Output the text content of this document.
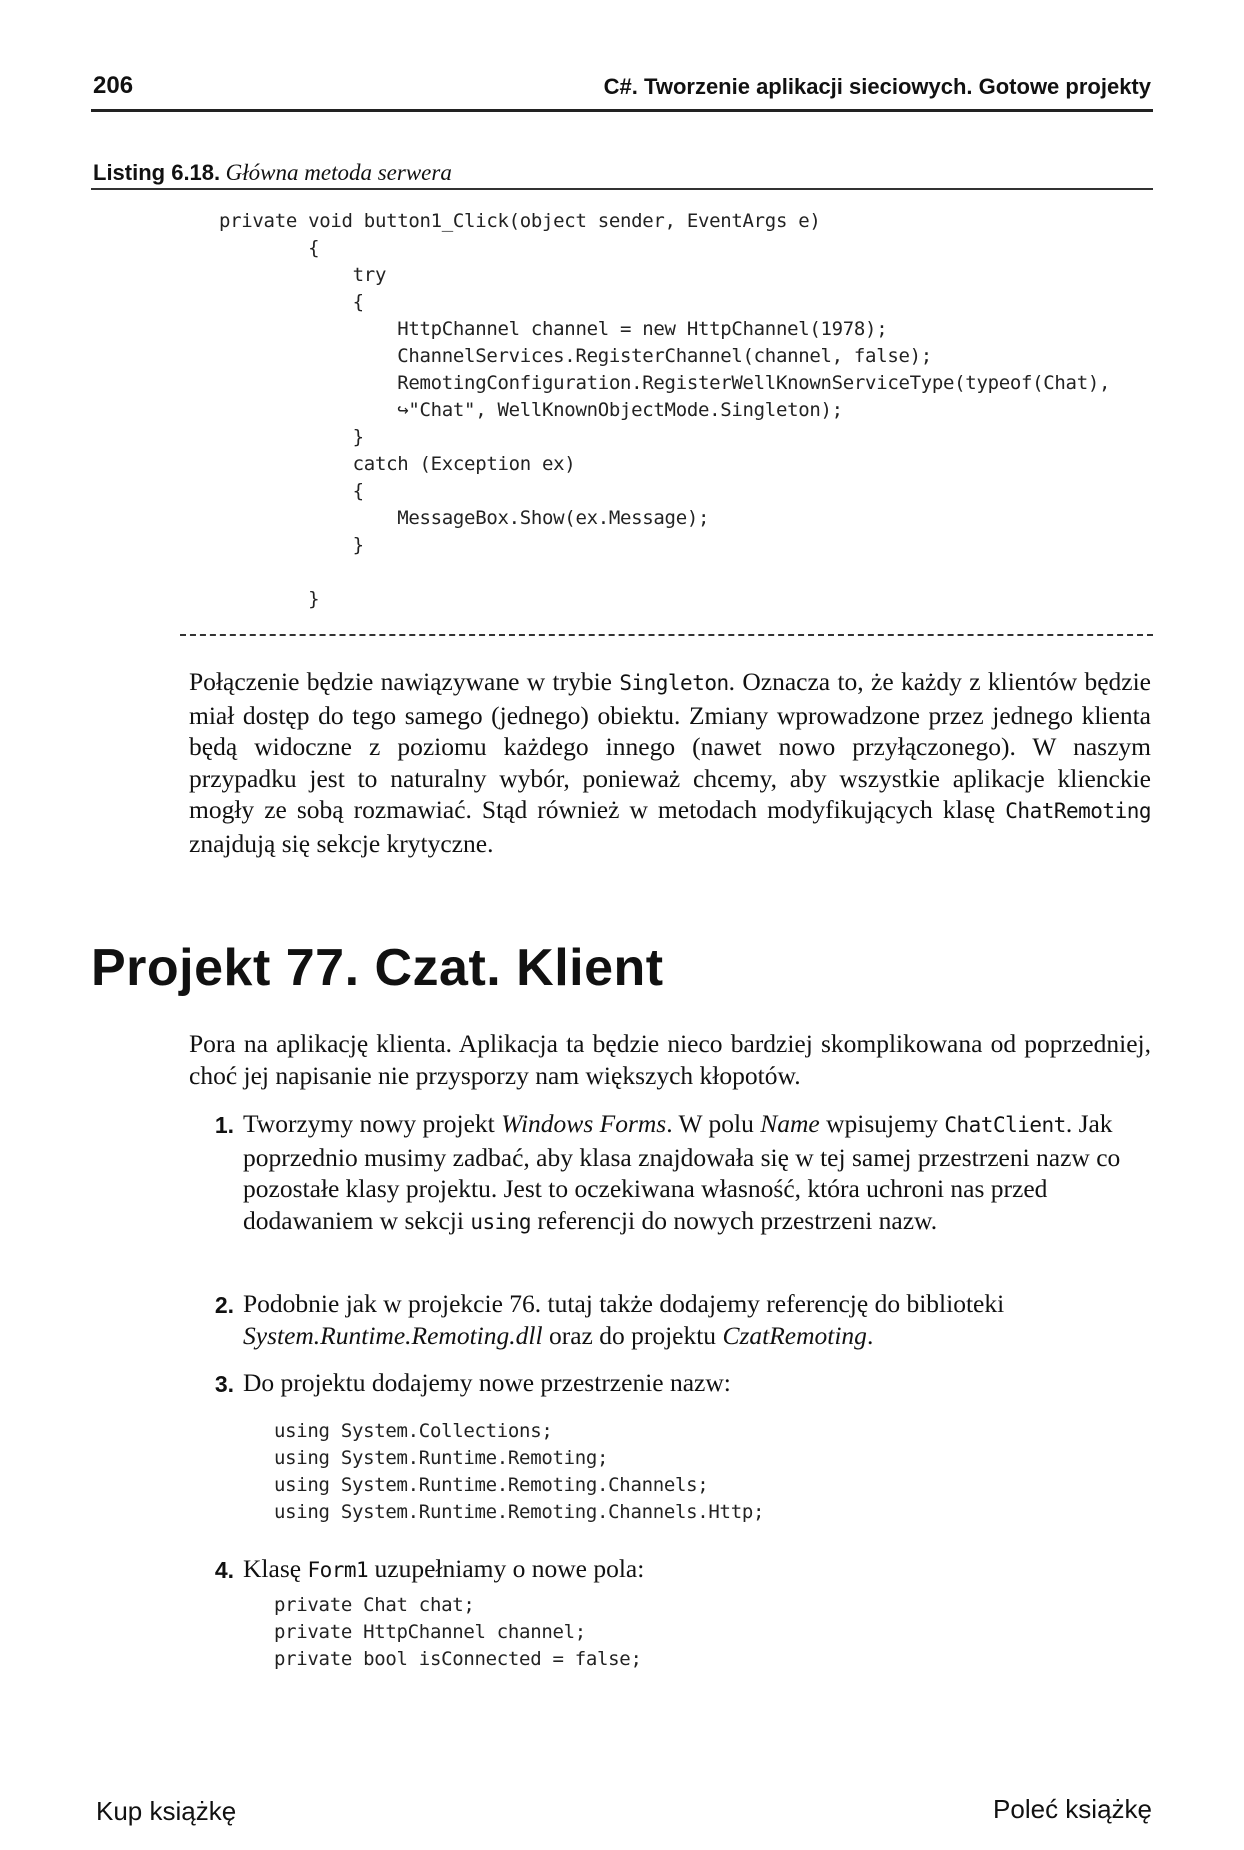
206	C#. Tworzenie aplikacji sieciowych. Gotowe projekty
Listing 6.18. Główna metoda serwera
private void button1_Click(object sender, EventArgs e)
{
try
{
HttpChannel channel = new HttpChannel(1978);
ChannelServices.RegisterChannel(channel, false);
RemotingConfiguration.RegisterWellKnownServiceType(typeof(Chat),
↪"Chat", WellKnownObjectMode.Singleton);
}
catch (Exception ex)
{
MessageBox.Show(ex.Message);
}
}
Połączenie będzie nawiązywane w trybie Singleton. Oznacza to, że każdy z klientów będzie miał dostęp do tego samego (jednego) obiektu. Zmiany wprowadzone przez jednego klienta będą widoczne z poziomu każdego innego (nawet nowo przyłączonego). W naszym przypadku jest to naturalny wybór, ponieważ chcemy, aby wszystkie aplikacje klienckie mogły ze sobą rozmawiać. Stąd również w metodach modyfikujących klasę ChatRemoting znajdują się sekcje krytyczne.
Projekt 77. Czat. Klient
Pora na aplikację klienta. Aplikacja ta będzie nieco bardziej skomplikowana od poprzedniej, choć jej napisanie nie przysporzy nam większych kłopotów.
1. Tworzymy nowy projekt Windows Forms. W polu Name wpisujemy ChatClient. Jak poprzednio musimy zadbać, aby klasa znajdowała się w tej samej przestrzeni nazw co pozostałe klasy projektu. Jest to oczekiwana własność, która uchroni nas przed dodawaniem w sekcji using referencji do nowych przestrzeni nazw.
2. Podobnie jak w projekcie 76. tutaj także dodajemy referencję do biblioteki System.Runtime.Remoting.dll oraz do projektu CzatRemoting.
3. Do projektu dodajemy nowe przestrzenie nazw:
using System.Collections;
using System.Runtime.Remoting;
using System.Runtime.Remoting.Channels;
using System.Runtime.Remoting.Channels.Http;
4. Klasę Form1 uzupełniamy o nowe pola:
private Chat chat;
private HttpChannel channel;
private bool isConnected = false;
Kup książkę	Poleć książkę
